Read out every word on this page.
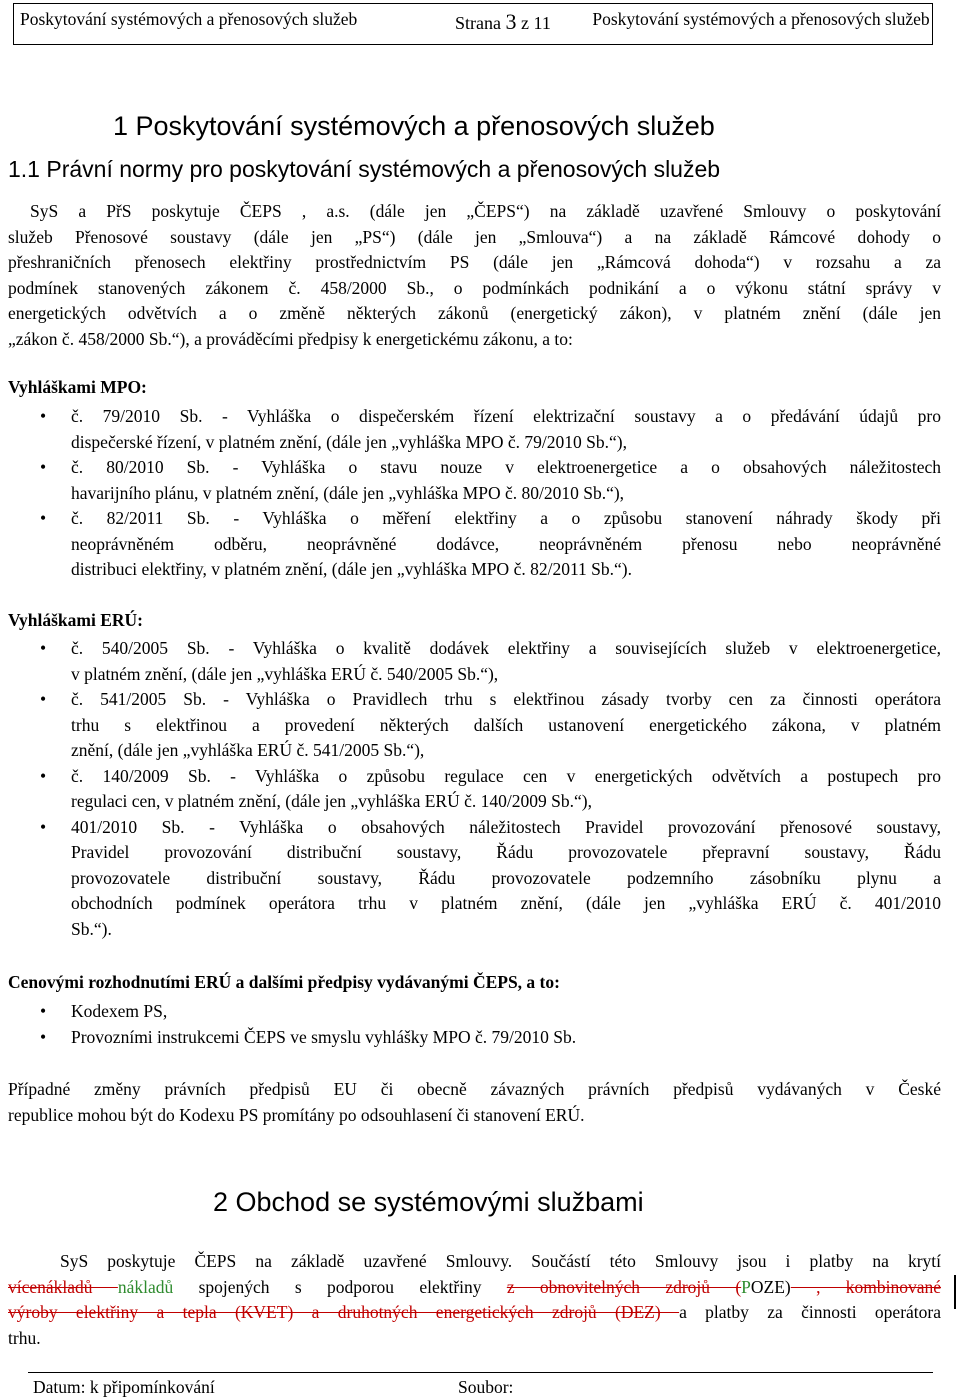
Poskytování systémových a přenosových služeb	Strana 3 z 11 Poskytování systémových a přenosových služeb
1 Poskytování systémových a přenosových služeb
1.1 Právní normy pro poskytování systémových a přenosových služeb
SyS a PřS poskytuje ČEPS , a.s. (dále jen „ČEPS“) na základě uzavřené Smlouvy o poskytování
služeb Přenosové soustavy (dále jen „PS“) (dále jen „Smlouva“) a na základě Rámcové dohody o
přeshraničních přenosech elektřiny prostřednictvím PS (dále jen „Rámcová dohoda“) v rozsahu a za
podmínek stanovených zákonem č. 458/2000 Sb., o podmínkách podnikání a o výkonu státní správy v
energetických odvětvích a o změně některých zákonů (energetický zákon), v platném znění (dále jen
„zákon č. 458/2000 Sb.“), a prováděcími předpisy k energetickému zákonu, a to:
Vyhláškami MPO:
• č. 79/2010 Sb. - Vyhláška o dispečerském řízení elektrizační soustavy a o předávání údajů pro
dispečerské řízení, v platném znění, (dále jen „vyhláška MPO č. 79/2010 Sb.“),
• č. 80/2010 Sb. - Vyhláška o stavu nouze v elektroenergetice a o obsahových náležitostech
havarijního plánu, v platném znění, (dále jen „vyhláška MPO č. 80/2010 Sb.“),
• č. 82/2011 Sb. - Vyhláška o měření elektřiny a o způsobu stanovení náhrady škody při
neoprávněném odběru, neoprávněné dodávce, neoprávněném přenosu nebo neoprávněné
distribuci elektřiny, v platném znění, (dále jen „vyhláška MPO č. 82/2011 Sb.“).
Vyhláškami ERÚ:
• č. 540/2005 Sb. - Vyhláška o kvalitě dodávek elektřiny a souvisejících služeb v elektroenergetice,
v platném znění, (dále jen „vyhláška ERÚ č. 540/2005 Sb.“),
• č. 541/2005 Sb. - Vyhláška o Pravidlech trhu s elektřinou zásady tvorby cen za činnosti operátora
trhu s elektřinou a provedení některých dalších ustanovení energetického zákona, v platném
znění, (dále jen „vyhláška ERÚ č. 541/2005 Sb.“),
• č. 140/2009 Sb. - Vyhláška o způsobu regulace cen v energetických odvětvích a postupech pro
regulaci cen, v platném znění, (dále jen „vyhláška ERÚ č. 140/2009 Sb.“),
• 401/2010 Sb. - Vyhláška o obsahových náležitostech Pravidel provozování přenosové soustavy,
Pravidel provozování distribuční soustavy, Řádu provozovatele přepravní soustavy, Řádu
provozovatele distribuční soustavy, Řádu provozovatele podzemního zásobníku plynu a
obchodních podmínek operátora trhu v platném znění, (dále jen „vyhláška ERÚ č. 401/2010
Sb.“).
Cenovými rozhodnutími ERÚ a dalšími předpisy vydávanými ČEPS, a to:
• Kodexem PS,
• Provozními instrukcemi ČEPS ve smyslu vyhlášky MPO č. 79/2010 Sb.
Případné změny právních předpisů EU či obecně závazných právních předpisů vydávaných v České
republice mohou být do Kodexu PS promítány po odsouhlasení či stanovení ERÚ.
2 Obchod se systémovými službami
SyS poskytuje ČEPS na základě uzavřené Smlouvy. Součástí této Smlouvy jsou i platby na krytí
vícenákladů nákladů spojených s podporou elektřiny z obnovitelných zdrojů (POZE) , kombinované
výroby elektřiny a tepla (KVET) a druhotných energetických zdrojů (DEZ) a platby za činnosti operátora
trhu.
Datum: k připomínkování	Soubor:
